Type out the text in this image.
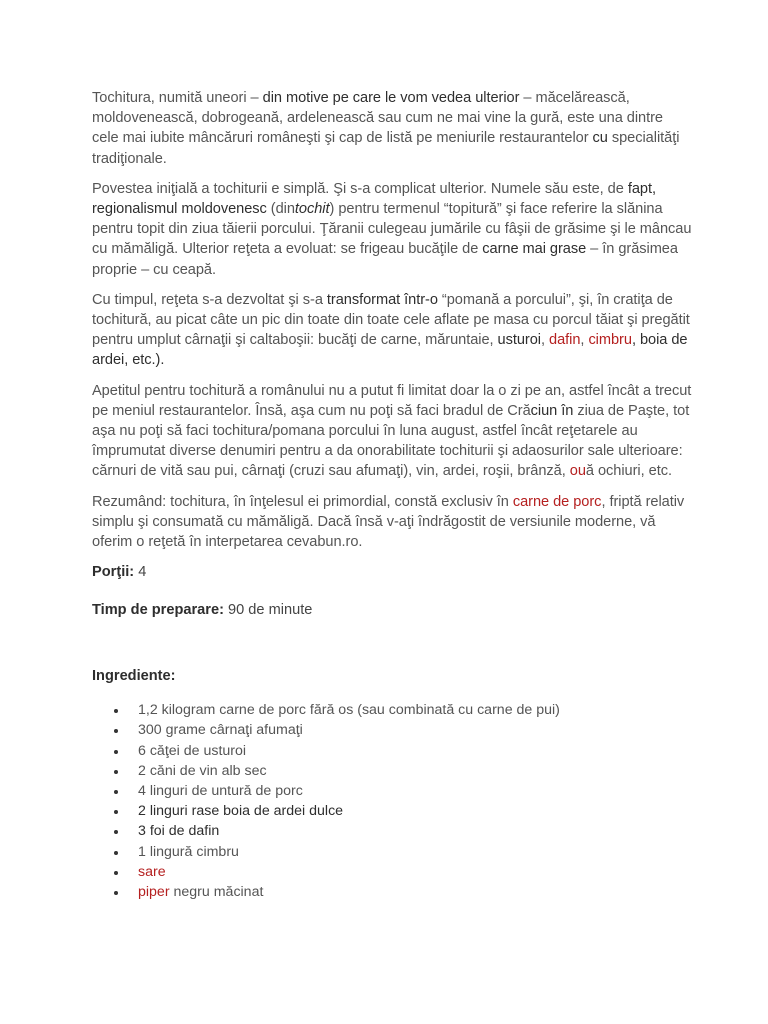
Tochitura, numită uneori – din motive pe care le vom vedea ulterior – măcelărească, moldovenească, dobrogeană, ardelenească sau cum ne mai vine la gură, este una dintre cele mai iubite mâncăruri româneşti şi cap de listă pe meniurile restaurantelor cu specialităţi tradiţionale.

Povestea iniţială a tochiturii e simplă. Şi s-a complicat ulterior. Numele său este, de fapt, regionalismul moldovenesc (dintochit) pentru termenul “topitură” şi face referire la slănina pentru topit din ziua tăierii porcului. Ţăranii culegeau jumările cu fâşii de grăsime şi le mâncau cu mămăligă. Ulterior reţeta a evoluat: se frigeau bucăţile de carne mai grase – în grăsimea proprie – cu ceapă.

Cu timpul, reţeta s-a dezvoltat şi s-a transformat într-o “pomană a porcului”, şi, în cratiţa de tochitură, au picat câte un pic din toate din toate cele aflate pe masa cu porcul tăiat şi pregătit pentru umplut cârnaţii şi caltaboşii: bucăţi de carne, măruntaie, usturoi, dafin, cimbru, boia de ardei, etc.).

Apetitul pentru tochitură a românului nu a putut fi limitat doar la o zi pe an, astfel încât a trecut pe meniul restaurantelor. Însă, aşa cum nu poţi să faci bradul de Crăciun în ziua de Paşte, tot aşa nu poţi să faci tochitura/pomana porcului în luna august, astfel încât reţetarele au împrumutat diverse denumiri pentru a da onorabilitate tochiturii şi adaosurilor sale ulterioare: cărnuri de vită sau pui, cârnaţi (cruzi sau afumaţi), vin, ardei, roşii, brânză, ouă ochiuri, etc.

Rezumând: tochitura, în înţelesul ei primordial, constă exclusiv în carne de porc, friptă relativ simplu şi consumată cu mămăligă. Dacă însă v-aţi îndrăgostit de versiunile moderne, vă oferim o reţetă în interpetarea cevabun.ro.

Porţii: 4
Timp de preparare: 90 de minute
Ingrediente:
1,2 kilogram carne de porc fără os (sau combinată cu carne de pui)
300 grame cârnaţi afumaţi
6 căţei de usturoi
2 căni de vin alb sec
4 linguri de untură de porc
2 linguri rase boia de ardei dulce
3 foi de dafin
1 lingură cimbru
sare
piper negru măcinat
